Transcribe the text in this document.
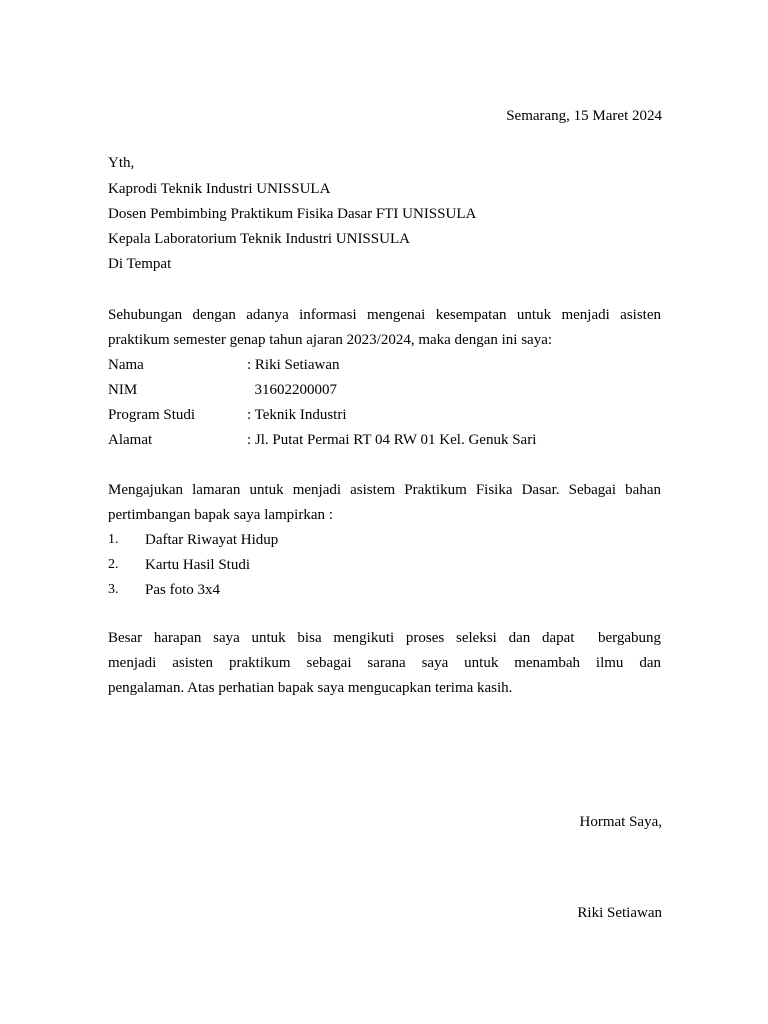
Semarang, 15 Maret 2024
Yth,
Kaprodi Teknik Industri UNISSULA
Dosen Pembimbing Praktikum Fisika Dasar FTI UNISSULA
Kepala Laboratorium Teknik Industri UNISSULA
Di Tempat
Sehubungan dengan adanya informasi mengenai kesempatan untuk menjadi asisten
praktikum semester genap tahun ajaran 2023/2024, maka dengan ini saya:
Nama	: Riki Setiawan
NIM	31602200007
Program Studi	: Teknik Industri
Alamat	: Jl. Putat Permai RT 04 RW 01 Kel. Genuk Sari
Mengajukan lamaran untuk menjadi asistem Praktikum Fisika Dasar. Sebagai bahan
pertimbangan bapak saya lampirkan :
1. Daftar Riwayat Hidup
2. Kartu Hasil Studi
3. Pas foto 3x4
Besar harapan saya untuk bisa mengikuti proses seleksi dan dapat  bergabung
menjadi asisten praktikum sebagai sarana saya untuk menambah ilmu dan
pengalaman. Atas perhatian bapak saya mengucapkan terima kasih.
Hormat Saya,
Riki Setiawan
